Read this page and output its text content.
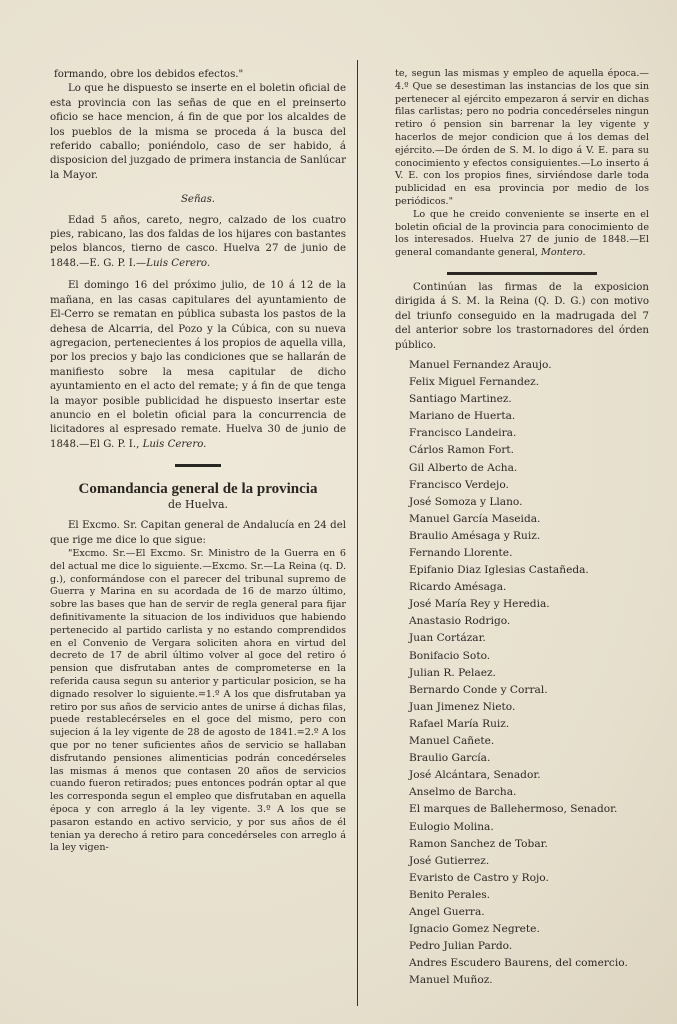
formando, obre los debidos efectos."

Lo que he dispuesto se inserte en el boletin oficial de esta provincia con las señas de que en el preinserto oficio se hace mencion, á fin de que por los alcaldes de los pueblos de la misma se proceda á la busca del referido caballo; poniéndolo, caso de ser habido, á disposicion del juzgado de primera instancia de Sanlúcar la Mayor.

Señas.

Edad 5 años, careto, negro, calzado de los cuatro pies, rabicano, las dos faldas de los hijares con bastantes pelos blancos, tierno de casco. Huelva 27 de junio de 1848.—E. G. P. I.—Luis Cerero.

El domingo 16 del próximo julio, de 10 á 12 de la mañana, en las casas capitulares del ayuntamiento de El-Cerro se rematan en pública subasta los pastos de la dehesa de Alcarria, del Pozo y la Cúbica, con su nueva agregacion, pertenecientes á los propios de aquella villa, por los precios y bajo las condiciones que se hallarán de manifiesto sobre la mesa capitular de dicho ayuntamiento en el acto del remate; y á fin de que tenga la mayor posible publicidad he dispuesto insertar este anuncio en el boletin oficial para la concurrencia de licitadores al espresado remate. Huelva 30 de junio de 1848.—El G. P. I., Luis Cerero.

Comandancia general de la provincia
de Huelva.

El Excmo. Sr. Capitan general de Andalucía en 24 del que rige me dice lo que sigue:

"Excmo. Sr.—El Excmo. Sr. Ministro de la Guerra en 6 del actual me dice lo siguiente.—Excmo. Sr.—La Reina (q. D. g.), conformándose con el parecer del tribunal supremo de Guerra y Marina en su acordada de 16 de marzo último, sobre las bases que han de servir de regla general para fijar definitivamente la situacion de los individuos que habiendo pertenecido al partido carlista y no estando comprendidos en el Convenio de Vergara soliciten ahora en virtud del decreto de 17 de abril último volver al goce del retiro ó pension que disfrutaban antes de comprometerse en la referida causa segun su anterior y particular posicion, se ha dignado resolver lo siguiente.=1.º A los que disfrutaban ya retiro por sus años de servicio antes de unirse á dichas filas, puede restablecérseles en el goce del mismo, pero con sujecion á la ley vigente de 28 de agosto de 1841.=2.º A los que por no tener suficientes años de servicio se hallaban disfrutando pensiones alimenticias podrán concedérseles las mismas á menos que contasen 20 años de servicios cuando fueron retirados; pues entonces podrán optar al que les corresponda segun el empleo que disfrutaban en aquella época y con arreglo á la ley vigente. 3.º A los que se pasaron estando en activo servicio, y por sus años de él tenian ya derecho á retiro para concedérseles con arreglo á la ley vigen-

te, segun las mismas y empleo de aquella época.—4.º Que se desestiman las instancias de los que sin pertenecer al ejército empezaron á servir en dichas filas carlistas; pero no podria concedérseles ningun retiro ó pension sin barrenar la ley vigente y hacerlos de mejor condicion que á los demas del ejército.—De órden de S. M. lo digo á V. E. para su conocimiento y efectos consiguientes.—Lo inserto á V. E. con los propios fines, sirviéndose darle toda publicidad en esa provincia por medio de los periódicos."

Lo que he creido conveniente se inserte en el boletin oficial de la provincia para conocimiento de los interesados. Huelva 27 de junio de 1848.—El general comandante general, Montero.

Continúan las firmas de la exposicion dirigida á S. M. la Reina (Q. D. G.) con motivo del triunfo conseguido en la madrugada del 7 del anterior sobre los trastornadores del órden público.

Manuel Fernandez Araujo.
Felix Miguel Fernandez.
Santiago Martinez.
Mariano de Huerta.
Francisco Landeira.
Cárlos Ramon Fort.
Gil Alberto de Acha.
Francisco Verdejo.
José Somoza y Llano.
Manuel García Maseida.
Braulio Amésaga y Ruiz.
Fernando Llorente.
Epifanio Diaz Iglesias Castañeda.
Ricardo Amésaga.
José María Rey y Heredia.
Anastasio Rodrigo.
Juan Cortázar.
Bonifacio Soto.
Julian R. Pelaez.
Bernardo Conde y Corral.
Juan Jimenez Nieto.
Rafael María Ruiz.
Manuel Cañete.
Braulio García.
José Alcántara, Senador.
Anselmo de Barcha.
El marques de Ballehermoso, Senador.
Eulogio Molina.
Ramon Sanchez de Tobar.
José Gutierrez.
Evaristo de Castro y Rojo.
Benito Perales.
Angel Guerra.
Ignacio Gomez Negrete.
Pedro Julian Pardo.
Andres Escudero Baurens, del comercio.
Manuel Muñoz.
